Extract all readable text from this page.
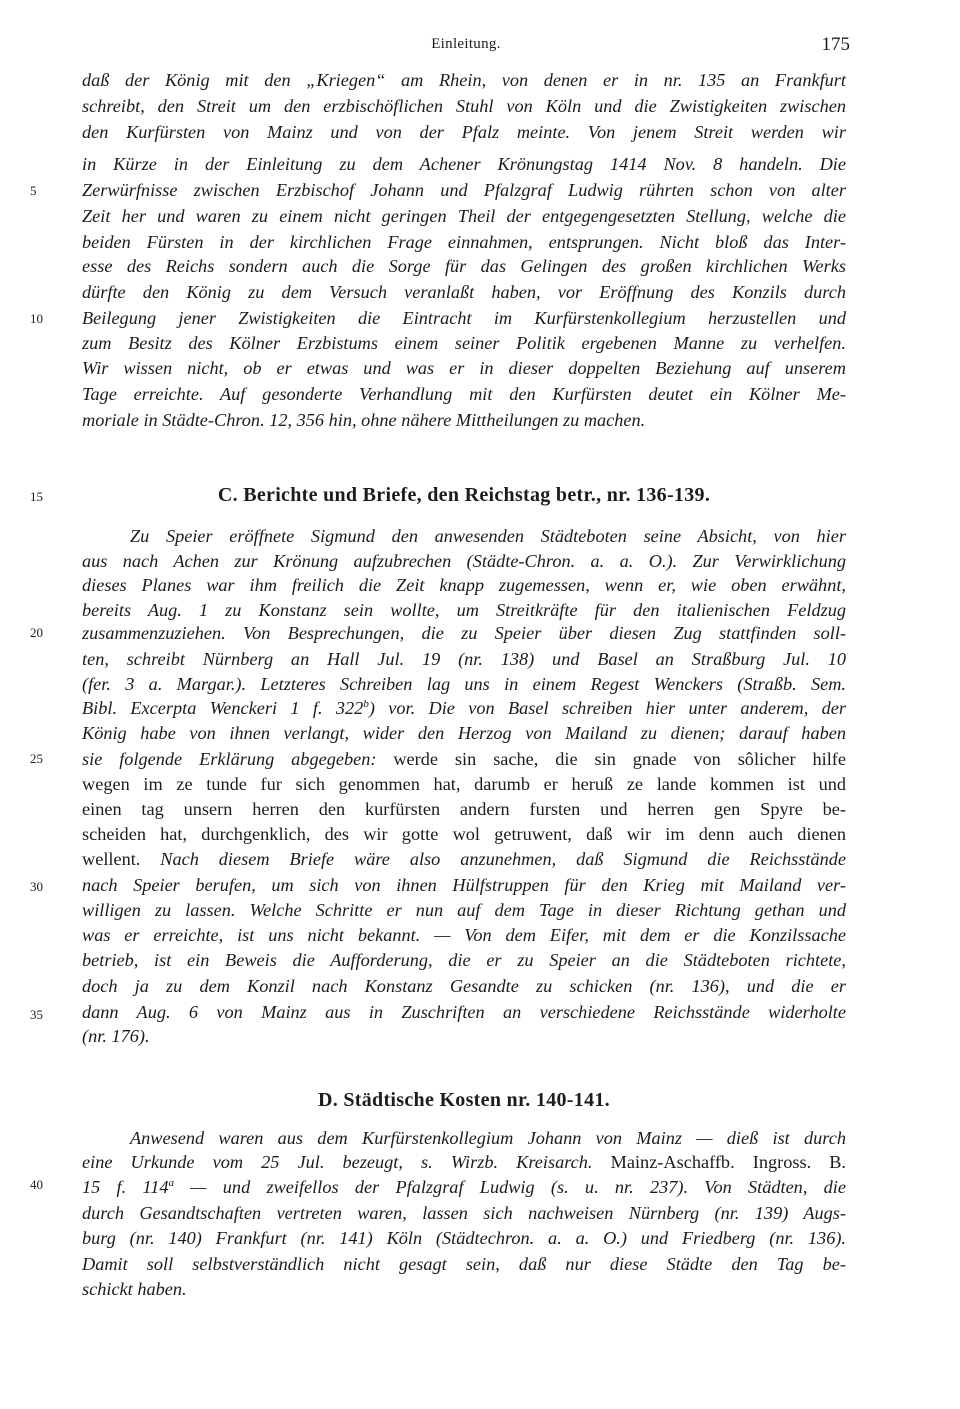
Einleitung.	175
5
10
15
20
25
30
35
40
daß der König mit den „Kriegen“ am Rhein, von denen er in nr. 135 an Frankfurt
schreibt, den Streit um den erzbischöflichen Stuhl von Köln und die Zwistigkeiten zwischen
den Kurfürsten von Mainz und von der Pfalz meinte. Von jenem Streit werden wir
in Kürze in der Einleitung zu dem Achener Krönungstag 1414 Nov. 8 handeln. Die
Zerwürfnisse zwischen Erzbischof Johann und Pfalzgraf Ludwig rührten schon von alter
Zeit her und waren zu einem nicht geringen Theil der entgegengesetzten Stellung, welche die
beiden Fürsten in der kirchlichen Frage einnahmen, entsprungen. Nicht bloß das Inter-
esse des Reichs sondern auch die Sorge für das Gelingen des großen kirchlichen Werks
dürfte den König zu dem Versuch veranlaßt haben, vor Eröffnung des Konzils durch
Beilegung jener Zwistigkeiten die Eintracht im Kurfürstenkollegium herzustellen und
zum Besitz des Kölner Erzbistums einem seiner Politik ergebenen Manne zu verhelfen.
Wir wissen nicht, ob er etwas und was er in dieser doppelten Beziehung auf unserem
Tage erreichte. Auf gesonderte Verhandlung mit den Kurfürsten deutet ein Kölner Me-
moriale in Städte-Chron. 12, 356 hin, ohne nähere Mittheilungen zu machen.
C. Berichte und Briefe, den Reichstag betr., nr. 136-139.
Zu Speier eröffnete Sigmund den anwesenden Städteboten seine Absicht, von hier
aus nach Achen zur Krönung aufzubrechen (Städte-Chron. a. a. O.). Zur Verwirklichung
dieses Planes war ihm freilich die Zeit knapp zugemessen, wenn er, wie oben erwähnt,
bereits Aug. 1 zu Konstanz sein wollte, um Streitkräfte für den italienischen Feldzug
zusammenzuziehen. Von Besprechungen, die zu Speier über diesen Zug stattfinden soll-
ten, schreibt Nürnberg an Hall Jul. 19 (nr. 138) und Basel an Straßburg Jul. 10
(fer. 3 a. Margar.). Letzteres Schreiben lag uns in einem Regest Wenckers (Straßb. Sem.
Bibl. Excerpta Wenckeri 1 f. 322$^b$) vor. Die von Basel schreiben hier unter anderem, der
König habe von ihnen verlangt, wider den Herzog von Mailand zu dienen; darauf haben
sie folgende Erklärung abgegeben: werde sin sache, die sin gnade von sôlicher hilfe
wegen im ze tunde fur sich genommen hat, darumb er heruß ze lande kommen ist und
einen tag unsern herren den kurfürsten andern fursten und herren gen Spyre be-
scheiden hat, durchgenklich, des wir gotte wol getruwent, daß wir im denn auch dienen
wellent. Nach diesem Briefe wäre also anzunehmen, daß Sigmund die Reichsstände
nach Speier berufen, um sich von ihnen Hülfstruppen für den Krieg mit Mailand ver-
willigen zu lassen. Welche Schritte er nun auf dem Tage in dieser Richtung gethan und
was er erreichte, ist uns nicht bekannt. — Von dem Eifer, mit dem er die Konzilssache
betrieb, ist ein Beweis die Aufforderung, die er zu Speier an die Städteboten richtete,
doch ja zu dem Konzil nach Konstanz Gesandte zu schicken (nr. 136), und die er
dann Aug. 6 von Mainz aus in Zuschriften an verschiedene Reichsstände widerholte
(nr. 176).
D. Städtische Kosten nr. 140-141.
Anwesend waren aus dem Kurfürstenkollegium Johann von Mainz — dieß ist durch
eine Urkunde vom 25 Jul. bezeugt, s. Wirzb. Kreisarch. Mainz-Aschaffb. Ingross. B.
15 f. 114$^a$ — und zweifellos der Pfalzgraf Ludwig (s. u. nr. 237). Von Städten, die
durch Gesandtschaften vertreten waren, lassen sich nachweisen Nürnberg (nr. 139) Augs-
burg (nr. 140) Frankfurt (nr. 141) Köln (Städtechron. a. a. O.) und Friedberg (nr. 136).
Damit soll selbstverständlich nicht gesagt sein, daß nur diese Städte den Tag be-
schickt haben.
